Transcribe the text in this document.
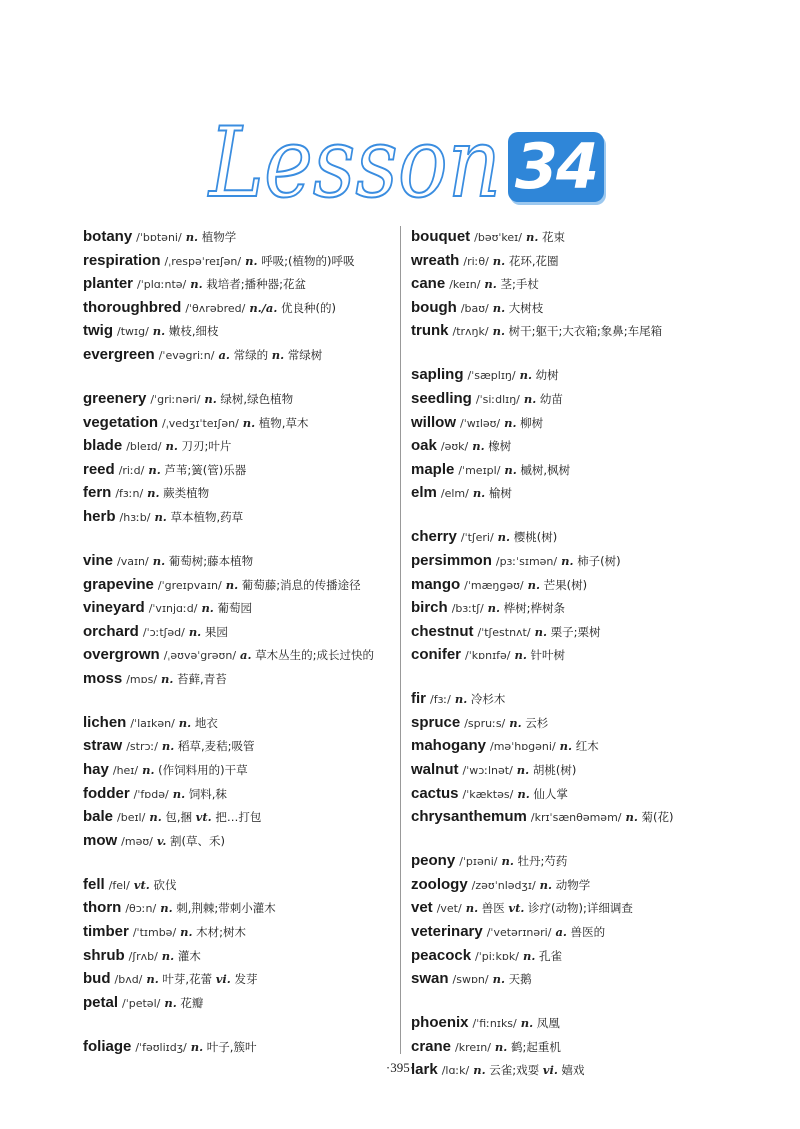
Lesson 34

botany /ˈbɒtəni/ n. 植物学

respiration /ˌrespəˈreɪʃən/ n. 呼吸;(植物的)呼吸

planter /ˈplɑːntə/ n. 栽培者;播种器;花盆

thoroughbred /ˈθʌrəbred/ n./a. 优良种(的)

twig /twɪg/ n. 嫩枝,细枝

evergreen /ˈevəgriːn/ a. 常绿的 n. 常绿树

greenery /ˈgriːnəri/ n. 绿树,绿色植物

vegetation /ˌvedʒɪˈteɪʃən/ n. 植物,草木

blade /bleɪd/ n. 刀刃;叶片

reed /riːd/ n. 芦苇;簧(管)乐器

fern /fɜːn/ n. 蕨类植物

herb /hɜːb/ n. 草本植物,药草

vine /vaɪn/ n. 葡萄树;藤本植物

grapevine /ˈgreɪpvaɪn/ n. 葡萄藤;消息的传播途径

vineyard /ˈvɪnjɑːd/ n. 葡萄园

orchard /ˈɔːtʃəd/ n. 果园

overgrown /ˌəʊvəˈgrəʊn/ a. 草木丛生的;成长过快的

moss /mɒs/ n. 苔藓,青苔

lichen /ˈlaɪkən/ n. 地衣

straw /strɔː/ n. 稻草,麦秸;吸管

hay /heɪ/ n. (作饲料用的)干草

fodder /ˈfɒdə/ n. 饲料,秣

bale /beɪl/ n. 包,捆 vt. 把…打包

mow /məʊ/ v. 割(草、禾)

fell /fel/ vt. 砍伐

thorn /θɔːn/ n. 刺,荆棘;带刺小灌木

timber /ˈtɪmbə/ n. 木材;树木

shrub /ʃrʌb/ n. 灌木

bud /bʌd/ n. 叶芽,花蕾 vi. 发芽

petal /ˈpetəl/ n. 花瓣

foliage /ˈfəʊliɪdʒ/ n. 叶子,簇叶

bouquet /bəʊˈkeɪ/ n. 花束

wreath /riːθ/ n. 花环,花圈

cane /keɪn/ n. 茎;手杖

bough /baʊ/ n. 大树枝

trunk /trʌŋk/ n. 树干;躯干;大衣箱;象鼻;车尾箱

sapling /ˈsæplɪŋ/ n. 幼树

seedling /ˈsiːdlɪŋ/ n. 幼苗

willow /ˈwɪləʊ/ n. 柳树

oak /əʊk/ n. 橡树

maple /ˈmeɪpl/ n. 槭树,枫树

elm /elm/ n. 榆树

cherry /ˈtʃeri/ n. 樱桃(树)

persimmon /pɜːˈsɪmən/ n. 柿子(树)

mango /ˈmæŋgəʊ/ n. 芒果(树)

birch /bɜːtʃ/ n. 桦树;桦树条

chestnut /ˈtʃestnʌt/ n. 栗子;栗树

conifer /ˈkɒnɪfə/ n. 针叶树

fir /fɜː/ n. 冷杉木

spruce /spruːs/ n. 云杉

mahogany /məˈhɒgəni/ n. 红木

walnut /ˈwɔːlnət/ n. 胡桃(树)

cactus /ˈkæktəs/ n. 仙人掌

chrysanthemum /krɪˈsænθəməm/ n. 菊(花)

peony /ˈpɪəni/ n. 牡丹;芍药

zoology /zəʊˈnlədʒɪ/ n. 动物学

vet /vet/ n. 兽医 vt. 诊疗(动物);详细调查

veterinary /ˈvetərɪnəri/ a. 兽医的

peacock /ˈpiːkɒk/ n. 孔雀

swan /swɒn/ n. 天鹅

phoenix /ˈfiːnɪks/ n. 凤凰

crane /kreɪn/ n. 鹤;起重机

lark /lɑːk/ n. 云雀;戏耍 vi. 嬉戏

·395·
